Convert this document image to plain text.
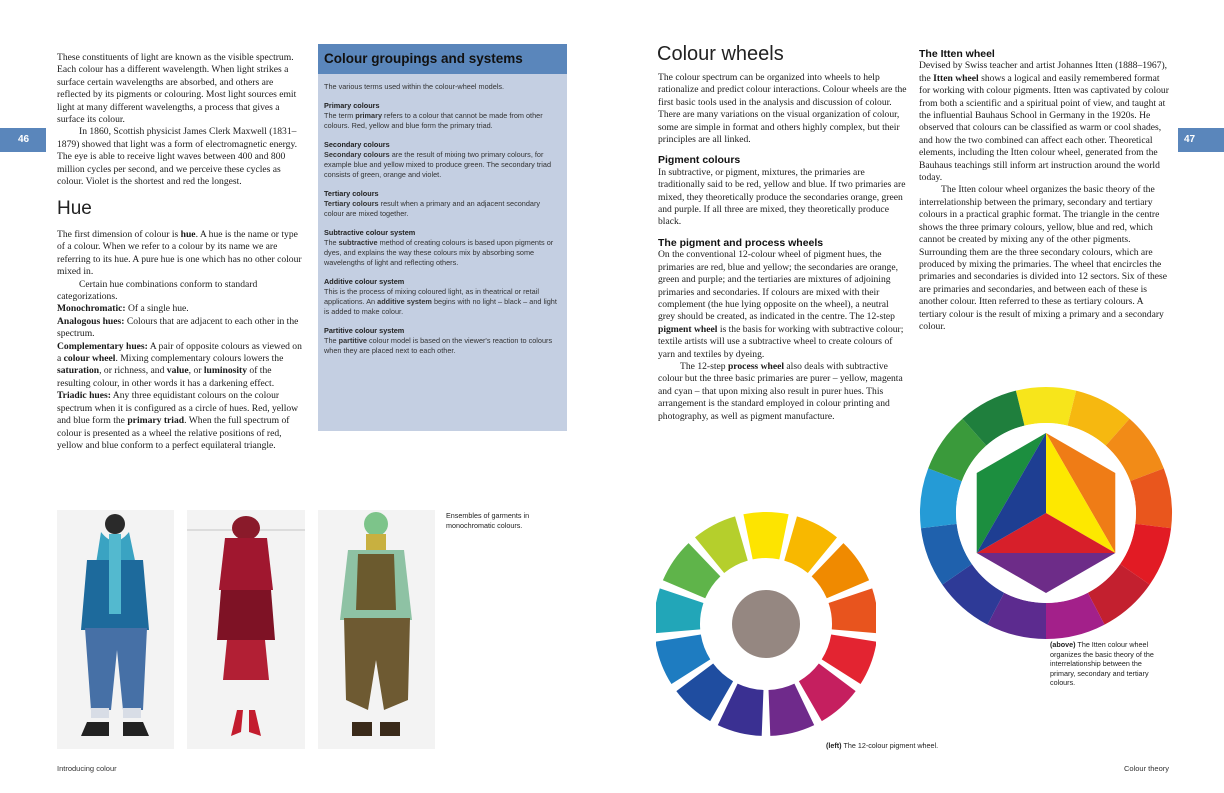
46	47

These constituents of light are known as the visible spectrum. Each colour has a different wavelength. When light strikes a surface certain wavelengths are absorbed, and others are reflected by its pigments or colouring. Most light sources emit light at many different wavelengths, a process that gives a surface its colour.

In 1860, Scottish physicist James Clerk Maxwell (1831–1879) showed that light was a form of electromagnetic energy. The eye is able to receive light waves between 400 and 800 million cycles per second, and we perceive these cycles as colour. Violet is the shortest and red the longest.

Hue

The first dimension of colour is hue. A hue is the name or type of a colour. When we refer to a colour by its name we are referring to its hue. A pure hue is one which has no other colour mixed in.

Certain hue combinations conform to standard categorizations.

Monochromatic: Of a single hue.

Analogous hues: Colours that are adjacent to each other in the spectrum.

Complementary hues: A pair of opposite colours as viewed on a colour wheel. Mixing complementary colours lowers the saturation, or richness, and value, or luminosity of the resulting colour, in other words it has a darkening effect.

Triadic hues: Any three equidistant colours on the colour spectrum when it is configured as a circle of hues. Red, yellow and blue form the primary triad. When the full spectrum of colour is presented as a wheel the relative positions of red, yellow and blue conform to a perfect equilateral triangle.

Colour groupings and systems

The various terms used within the colour-wheel models.

Primary colours

The term primary refers to a colour that cannot be made from other colours. Red, yellow and blue form the primary triad.

Secondary colours

Secondary colours are the result of mixing two primary colours, for example blue and yellow mixed to produce green. The secondary triad consists of green, orange and violet.

Tertiary colours

Tertiary colours result when a primary and an adjacent secondary colour are mixed together.

Subtractive colour system

The subtractive method of creating colours is based upon pigments or dyes, and explains the way these colours mix by absorbing some wavelengths of light and reflecting others.

Additive colour system

This is the process of mixing coloured light, as in theatrical or retail applications. An additive system begins with no light – black – and light is added to make colour.

Partitive colour system

The partitive colour model is based on the viewer's reaction to colours when they are placed next to each other.

Ensembles of garments in monochromatic colours.
Colour wheels

The colour spectrum can be organized into wheels to help rationalize and predict colour interactions. Colour wheels are the first basic tools used in the analysis and discussion of colour. There are many variations on the visual organization of colour, some are simple in format and others highly complex, but their principles are all linked.

Pigment colours

In subtractive, or pigment, mixtures, the primaries are traditionally said to be red, yellow and blue. If two primaries are mixed, they theoretically produce the secondaries orange, green and purple. If all three are mixed, they theoretically produce black.

The pigment and process wheels

On the conventional 12-colour wheel of pigment hues, the primaries are red, blue and yellow; the secondaries are orange, green and purple; and the tertiaries are mixtures of adjoining primaries and secondaries. If colours are mixed with their complement (the hue lying opposite on the wheel), a neutral grey should be created, as indicated in the centre. The 12-step pigment wheel is the basis for working with subtractive colour; textile artists will use a subtractive wheel to create colours of yarn and textiles by dyeing.

The 12-step process wheel also deals with subtractive colour but the three basic primaries are purer – yellow, magenta and cyan – that upon mixing also result in purer hues. This arrangement is the standard employed in colour printing and photography, as well as pigment manufacture.

The Itten wheel

Devised by Swiss teacher and artist Johannes Itten (1888–1967), the Itten wheel shows a logical and easily remembered format for working with colour pigments. Itten was captivated by colour from both a scientific and a spiritual point of view, and taught at the influential Bauhaus School in Germany in the 1920s. He observed that colours can be classified as warm or cool shades, and how the two combined can affect each other. Theoretical elements, including the Itten colour wheel, generated from the Bauhaus teachings still inform art instruction around the world today.

The Itten colour wheel organizes the basic theory of the interrelationship between the primary, secondary and tertiary colours in a practical graphic format. The triangle in the centre shows the three primary colours, yellow, blue and red, which cannot be created by mixing any of the other pigments. Surrounding them are the three secondary colours, which are produced by mixing the primaries. The wheel that encircles the primaries and secondaries is divided into 12 sectors. Six of these are primaries and secondaries, and between each of these is another colour. Itten referred to these as tertiary colours. A tertiary colour is the result of mixing a primary and a secondary colour.

(above) The Itten colour wheel organizes the basic theory of the interrelationship between the primary, secondary and tertiary colours.
(left) The 12-colour pigment wheel.
Introducing colour	Colour theory
